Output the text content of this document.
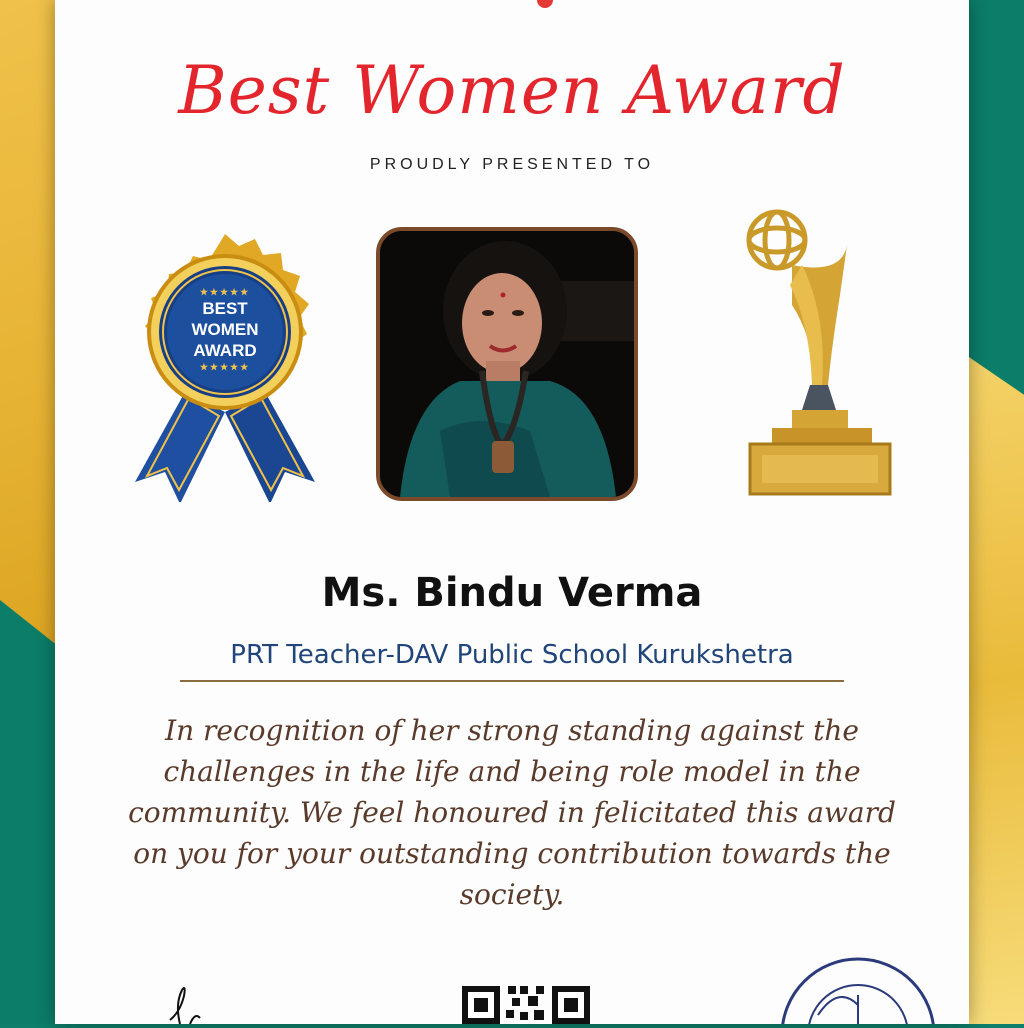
Best Women Award
PROUDLY PRESENTED TO
★★★★★
BEST
WOMEN
AWARD
★★★★★
Ms. Bindu Verma
PRT Teacher-DAV Public School Kurukshetra
In recognition of her strong standing against the challenges in the life and being role model in the community. We feel honoured in felicitated this award on you for your outstanding contribution towards the society.
